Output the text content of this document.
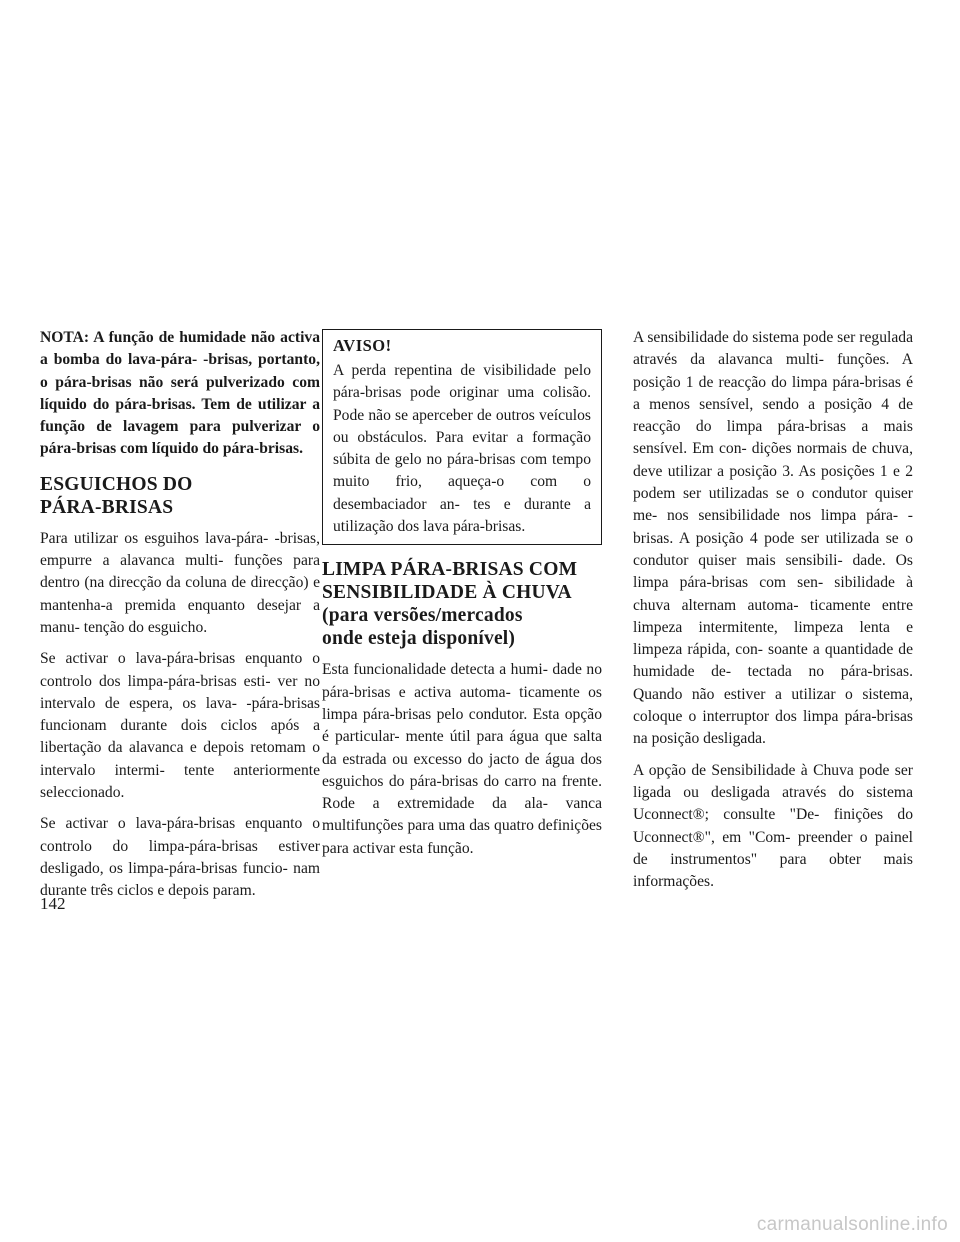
NOTA: A função de humidade não activa a bomba do lava-pára- -brisas, portanto, o pára-brisas não será pulverizado com líquido do pára-brisas. Tem de utilizar a função de lavagem para pulverizar o pára-brisas com líquido do pára-brisas.

ESGUICHOS DO
PÁRA-BRISAS

Para utilizar os esguihos lava-pára- -brisas, empurre a alavanca multi- funções para dentro (na direcção da coluna de direcção) e mantenha-a premida enquanto desejar a manu- tenção do esguicho.

Se activar o lava-pára-brisas enquanto o controlo dos limpa-pára-brisas esti- ver no intervalo de espera, os lava- -pára-brisas funcionam durante dois ciclos após a libertação da alavanca e depois retomam o intervalo intermi- tente anteriormente seleccionado.

Se activar o lava-pára-brisas enquanto o controlo do limpa-pára-brisas estiver desligado, os limpa-pára-brisas funcio- nam durante três ciclos e depois param.

AVISO!

A perda repentina de visibilidade pelo pára-brisas pode originar uma colisão. Pode não se aperceber de outros veículos ou obstáculos. Para evitar a formação súbita de gelo no pára-brisas com tempo muito frio, aqueça-o com o desembaciador an- tes e durante a utilização dos lava pára-brisas.

LIMPA PÁRA-BRISAS COM
SENSIBILIDADE À CHUVA
(para versões/mercados
onde esteja disponível)

Esta funcionalidade detecta a humi- dade no pára-brisas e activa automa- ticamente os limpa pára-brisas pelo condutor. Esta opção é particular- mente útil para água que salta da estrada ou excesso do jacto de água dos esguichos do pára-brisas do carro na frente. Rode a extremidade da ala- vanca multifunções para uma das quatro definições para activar esta função.

A sensibilidade do sistema pode ser regulada através da alavanca multi- funções. A posição 1 de reacção do limpa pára-brisas é a menos sensível, sendo a posição 4 de reacção do limpa pára-brisas a mais sensível. Em con- dições normais de chuva, deve utilizar a posição 3. As posições 1 e 2 podem ser utilizadas se o condutor quiser me- nos sensibilidade nos limpa pára- -brisas. A posição 4 pode ser utilizada se o condutor quiser mais sensibili- dade. Os limpa pára-brisas com sen- sibilidade à chuva alternam automa- ticamente entre limpeza intermitente, limpeza lenta e limpeza rápida, con- soante a quantidade de humidade de- tectada no pára-brisas. Quando não estiver a utilizar o sistema, coloque o interruptor dos limpa pára-brisas na posição desligada.

A opção de Sensibilidade à Chuva pode ser ligada ou desligada através do sistema Uconnect®; consulte "De- finições do Uconnect®", em "Com- preender o painel de instrumentos" para obter mais informações.

142
carmanualsonline.info
